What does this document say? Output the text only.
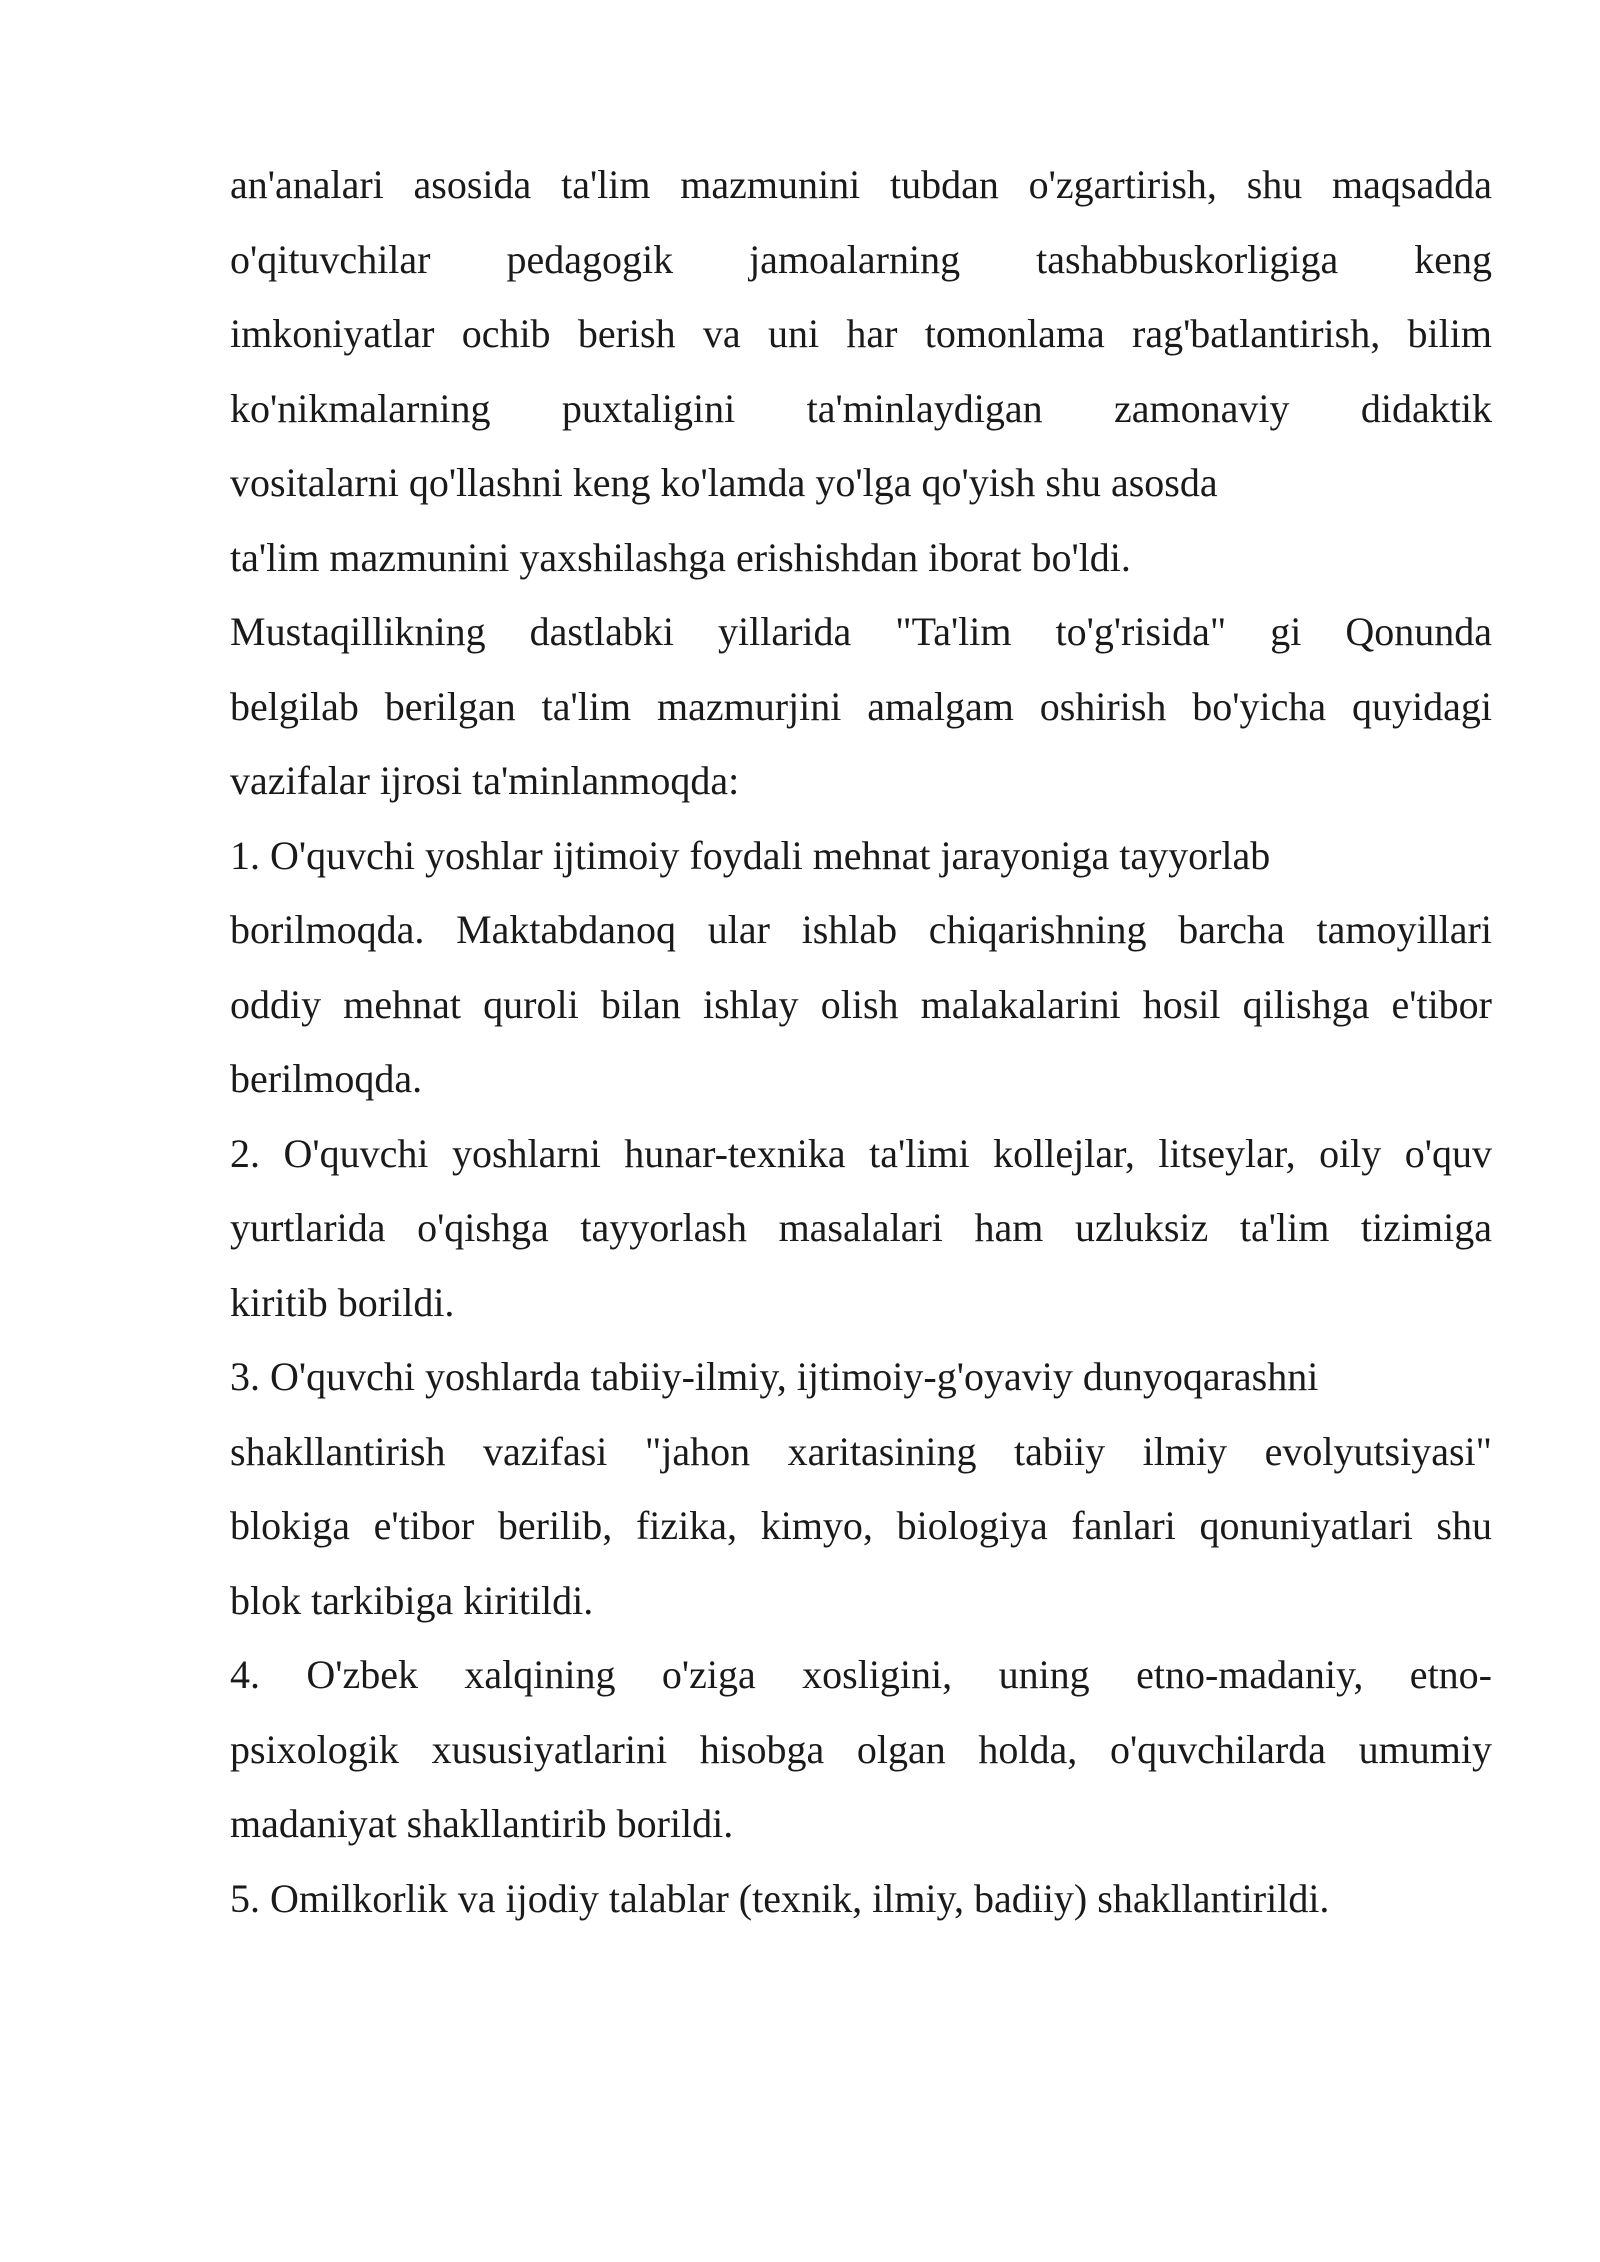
an'analari asosida ta'lim mazmunini tubdan o'zgartirish, shu maqsadda
o'qituvchilar pedagogik jamoalarning tashabbuskorligiga keng
imkoniyatlar ochib berish va uni har tomonlama rag'batlantirish, bilim
ko'nikmalarning puxtaligini ta'minlaydigan zamonaviy didaktik
vositalarni qo'llashni keng ko'lamda yo'lga qo'yish shu asosda
ta'lim mazmunini yaxshilashga erishishdan iborat bo'ldi.
Mustaqillikning dastlabki yillarida "Ta'lim to'g'risida" gi Qonunda
belgilab berilgan ta'lim mazmurjini amalgam oshirish bo'yicha quyidagi
vazifalar ijrosi ta'minlanmoqda:
1. O'quvchi yoshlar ijtimoiy foydali mehnat jarayoniga tayyorlab
borilmoqda. Maktabdanoq ular ishlab chiqarishning barcha tamoyillari
oddiy mehnat quroli bilan ishlay olish malakalarini hosil qilishga e'tibor
berilmoqda.
2. O'quvchi yoshlarni hunar-texnika ta'limi kollejlar, litseylar, oily o'quv
yurtlarida o'qishga tayyorlash masalalari ham uzluksiz ta'lim tizimiga
kiritib borildi.
3. O'quvchi yoshlarda tabiiy-ilmiy, ijtimoiy-g'oyaviy dunyoqarashni
shakllantirish vazifasi "jahon xaritasining tabiiy ilmiy evolyutsiyasi"
blokiga e'tibor berilib, fizika, kimyo, biologiya fanlari qonuniyatlari shu
blok tarkibiga kiritildi.
4. O'zbek xalqining o'ziga xosligini, uning etno-madaniy, etno-
psixologik xususiyatlarini hisobga olgan holda, o'quvchilarda umumiy
madaniyat shakllantirib borildi.
5. Omilkorlik va ijodiy talablar (texnik, ilmiy, badiiy) shakllantirildi.
